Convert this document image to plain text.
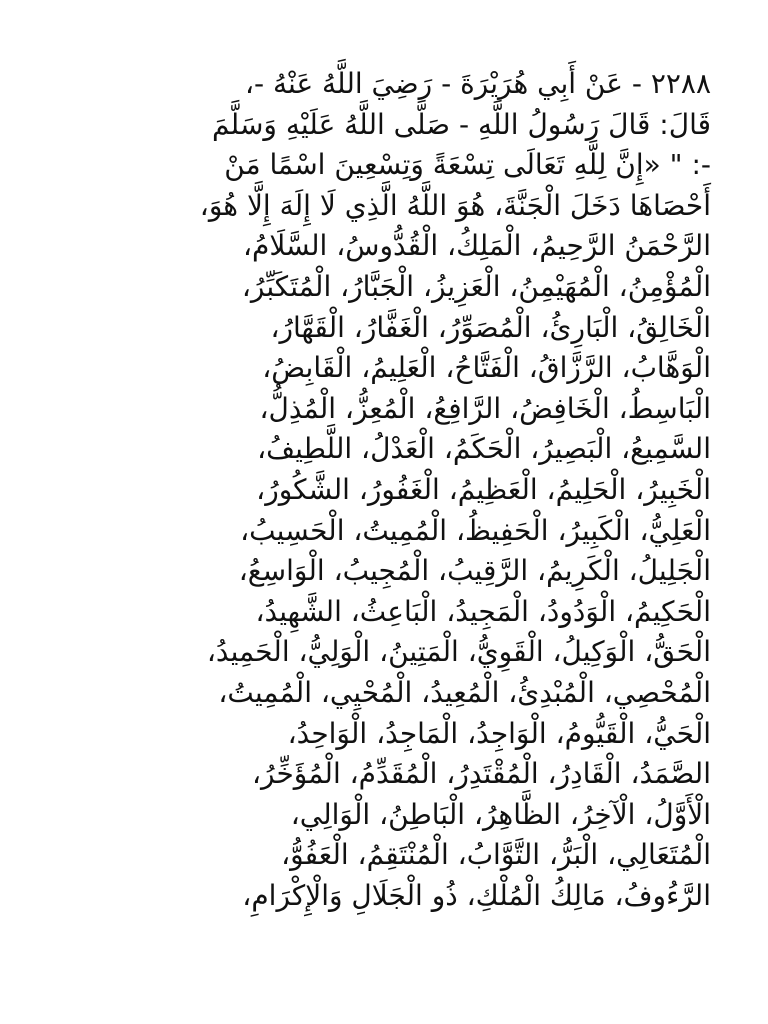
٢٢٨٨ - عَنْ أَبِي هُرَيْرَةَ - رَضِيَ اللَّهُ عَنْهُ -،
قَالَ: قَالَ رَسُولُ اللَّهِ - صَلَّى اللَّهُ عَلَيْهِ وَسَلَّمَ
-: " «إِنَّ لِلَّهِ تَعَالَى تِسْعَةً وَتِسْعِينَ اسْمًا مَنْ
أَحْصَاهَا دَخَلَ الْجَنَّةَ، هُوَ اللَّهُ الَّذِي لَا إِلَهَ إِلَّا هُوَ،
الرَّحْمَنُ الرَّحِيمُ، الْمَلِكُ، الْقُدُّوسُ، السَّلَامُ،
الْمُؤْمِنُ، الْمُهَيْمِنُ، الْعَزِيزُ، الْجَبَّارُ، الْمُتَكَبِّرُ،
الْخَالِقُ، الْبَارِئُ، الْمُصَوِّرُ، الْغَفَّارُ، الْقَهَّارُ،
الْوَهَّابُ، الرَّزَّاقُ، الْفَتَّاحُ، الْعَلِيمُ، الْقَابِضُ،
الْبَاسِطُ، الْخَافِضُ، الرَّافِعُ، الْمُعِزُّ، الْمُذِلُّ،
السَّمِيعُ، الْبَصِيرُ، الْحَكَمُ، الْعَدْلُ، اللَّطِيفُ،
الْخَبِيرُ، الْحَلِيمُ، الْعَظِيمُ، الْغَفُورُ، الشَّكُورُ،
الْعَلِيُّ، الْكَبِيرُ، الْحَفِيظُ، الْمُمِيتُ، الْحَسِيبُ،
الْجَلِيلُ، الْكَرِيمُ، الرَّقِيبُ، الْمُجِيبُ، الْوَاسِعُ،
الْحَكِيمُ، الْوَدُودُ، الْمَجِيدُ، الْبَاعِثُ، الشَّهِيدُ،
الْحَقُّ، الْوَكِيلُ، الْقَوِيُّ، الْمَتِينُ، الْوَلِيُّ، الْحَمِيدُ،
الْمُحْصِي، الْمُبْدِئُ، الْمُعِيدُ، الْمُحْيِي، الْمُمِيتُ،
الْحَيُّ، الْقَيُّومُ، الْوَاجِدُ، الْمَاجِدُ، الْوَاحِدُ،
الصَّمَدُ، الْقَادِرُ، الْمُقْتَدِرُ، الْمُقَدِّمُ، الْمُؤَخِّرُ،
الْأَوَّلُ، الْآخِرُ، الظَّاهِرُ، الْبَاطِنُ، الْوَالِي،
الْمُتَعَالِي، الْبَرُّ، التَّوَّابُ، الْمُنْتَقِمُ، الْعَفُوُّ،
الرَّءُوفُ، مَالِكُ الْمُلْكِ، ذُو الْجَلَالِ وَالْإِكْرَامِ،
